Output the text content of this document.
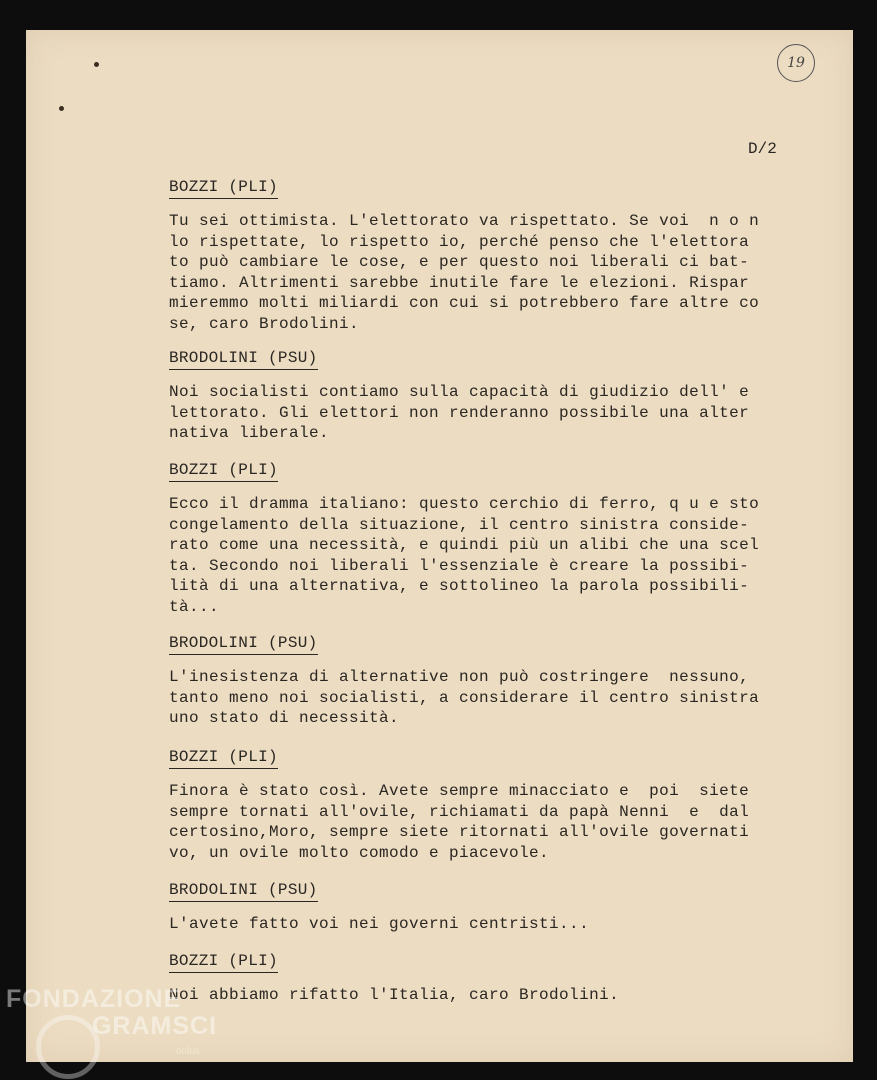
19
D/2
BOZZI (PLI)
Tu sei ottimista. L'elettorato va rispettato. Se voi  n o n
lo rispettate, lo rispetto io, perché penso che l'elettora
to può cambiare le cose, e per questo noi liberali ci bat-
tiamo. Altrimenti sarebbe inutile fare le elezioni. Rispar
mieremmo molti miliardi con cui si potrebbero fare altre co
se, caro Brodolini.
BRODOLINI (PSU)
Noi socialisti contiamo sulla capacità di giudizio dell' e
lettorato. Gli elettori non renderanno possibile una alter
nativa liberale.
BOZZI (PLI)
Ecco il dramma italiano: questo cerchio di ferro, q u e sto
congelamento della situazione, il centro sinistra conside-
rato come una necessità, e quindi più un alibi che una scel
ta. Secondo noi liberali l'essenziale è creare la possibi-
lità di una alternativa, e sottolineo la parola possibili-
tà...
BRODOLINI (PSU)
L'inesistenza di alternative non può costringere  nessuno,
tanto meno noi socialisti, a considerare il centro sinistra
uno stato di necessità.
BOZZI (PLI)
Finora è stato così. Avete sempre minacciato e  poi  siete
sempre tornati all'ovile, richiamati da papà Nenni  e  dal
certosino,Moro, sempre siete ritornati all'ovile governati
vo, un ovile molto comodo e piacevole.
BRODOLINI (PSU)
L'avete fatto voi nei governi centristi...
BOZZI (PLI)
Noi abbiamo rifatto l'Italia, caro Brodolini.
FONDAZIONE
GRAMSCI
onlus
